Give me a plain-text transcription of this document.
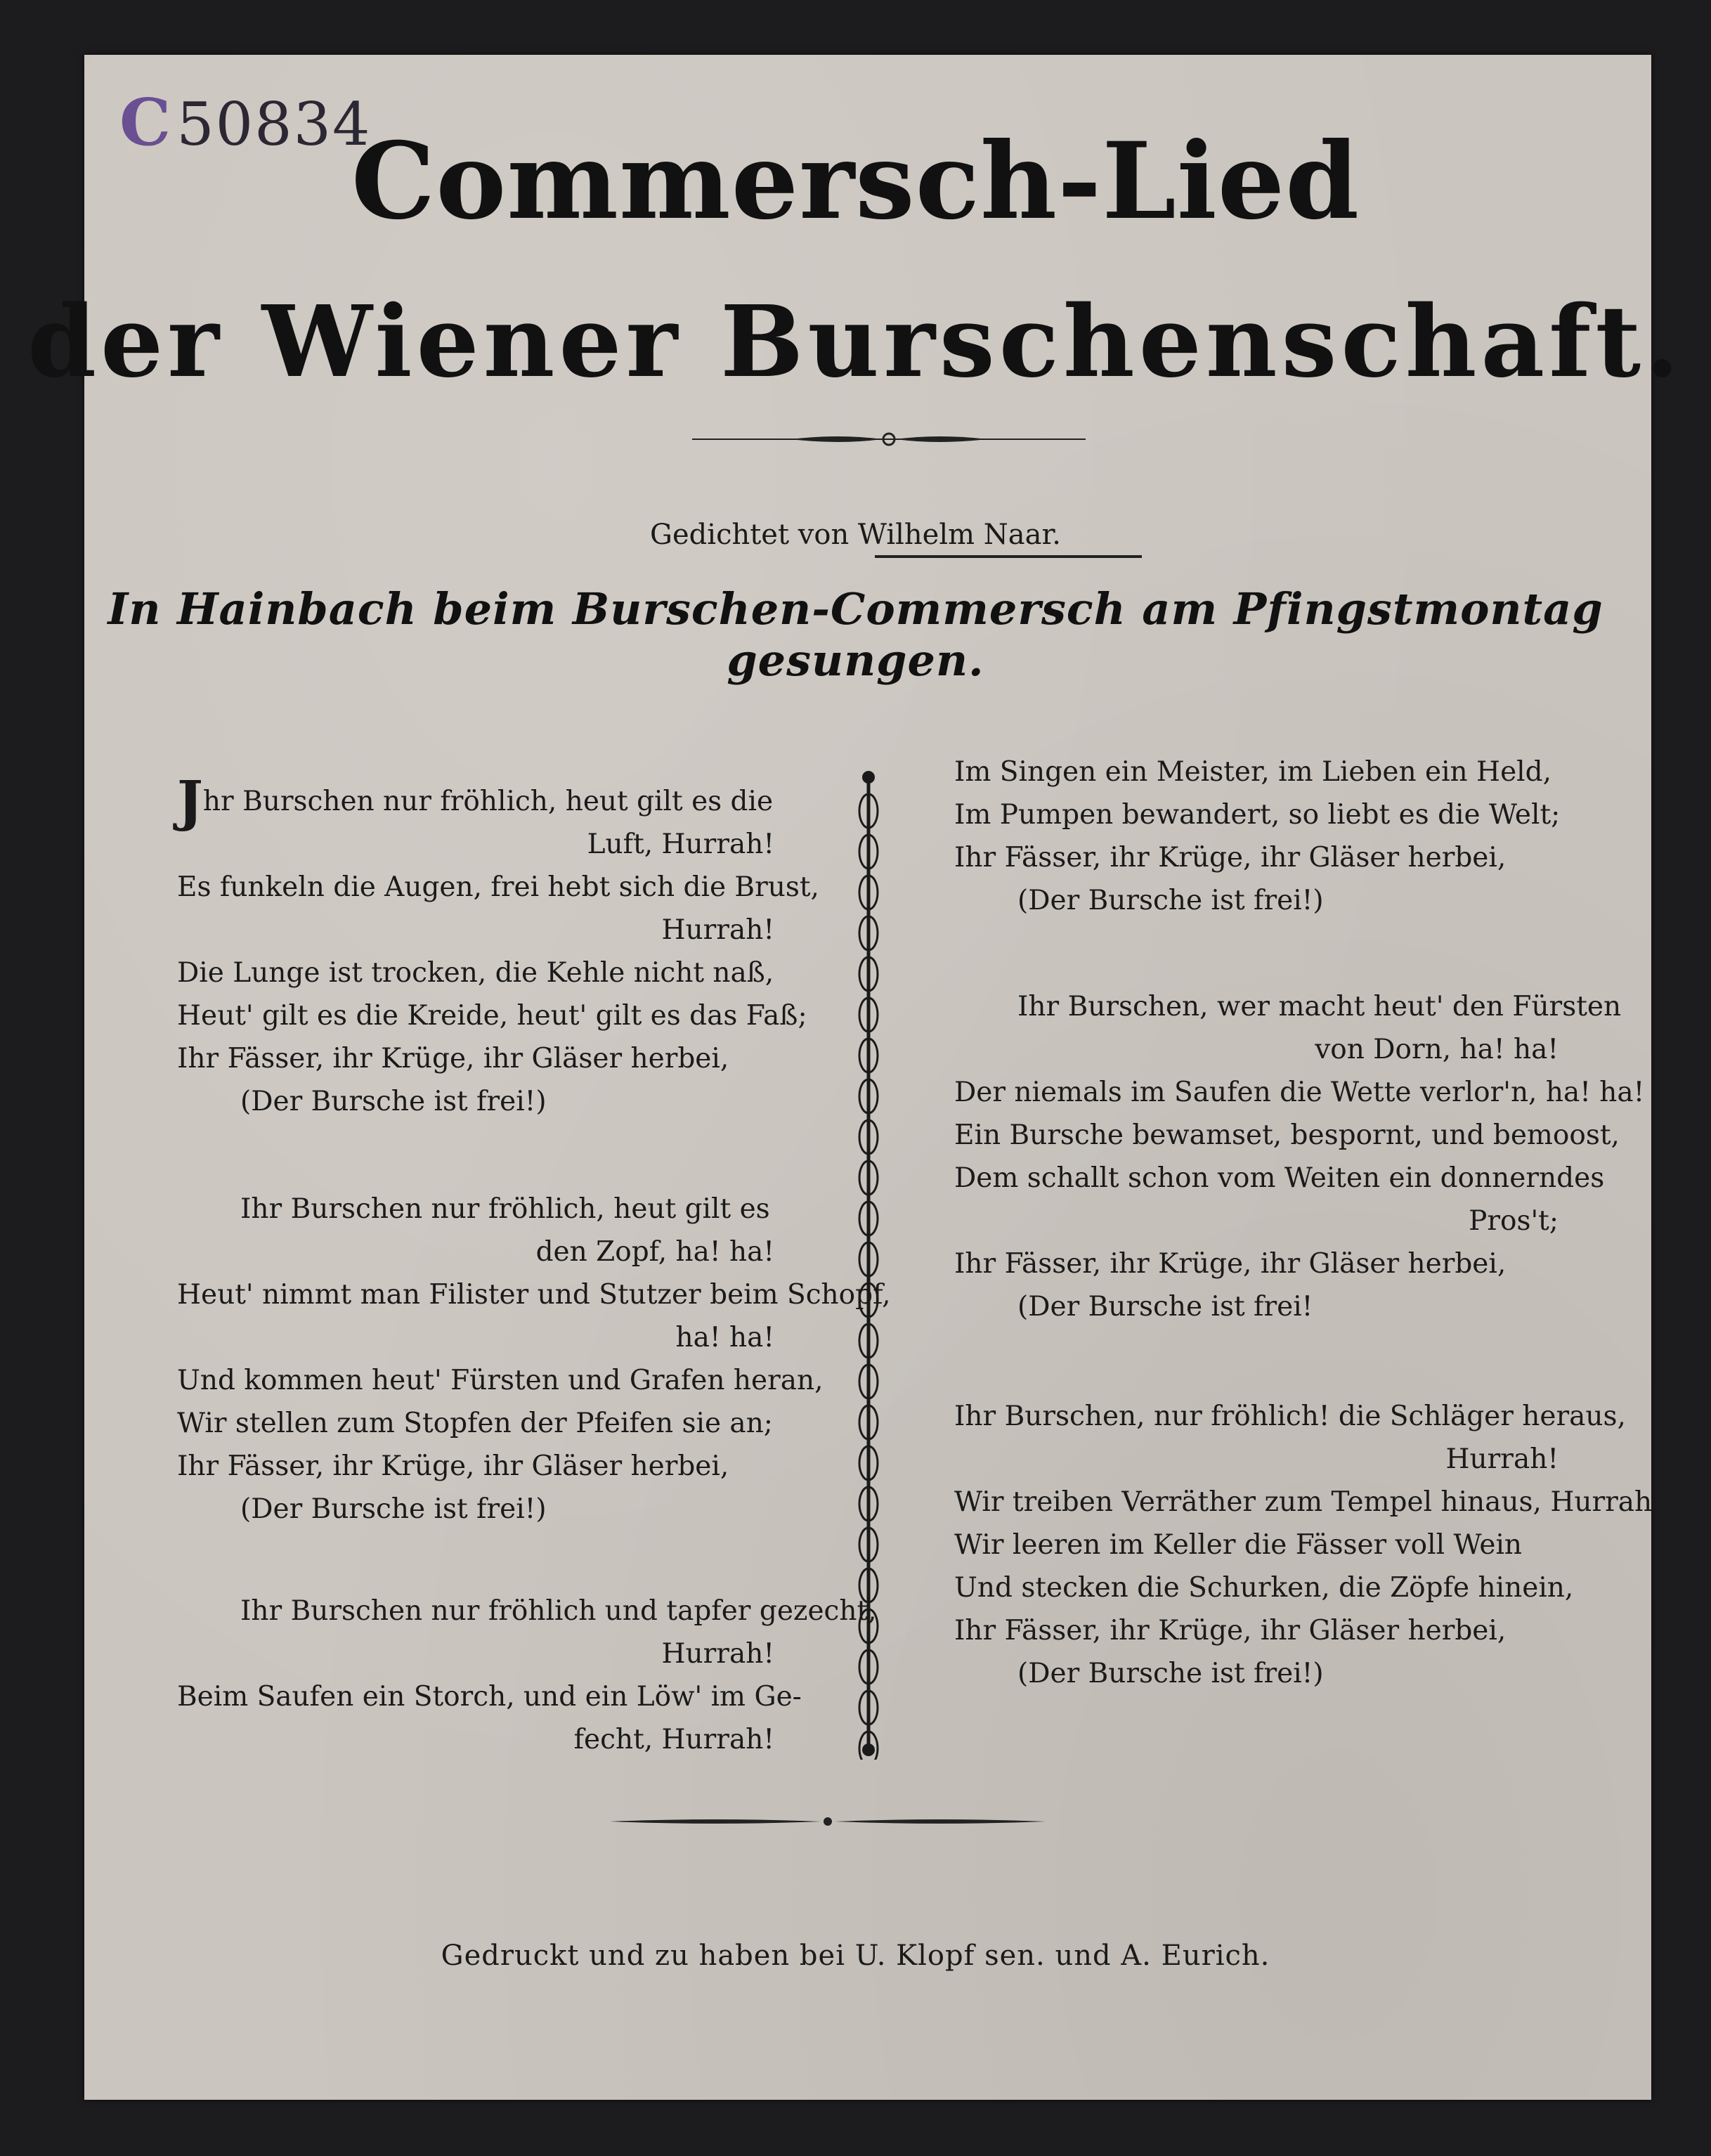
C50834
Commersch-Lied
der Wiener Burschenschaft.
Gedichtet von Wilhelm Naar.
In Hainbach beim Burschen-Commersch am Pfingstmontag gesungen.
Jhr Burschen nur fröhlich, heut gilt es die
Luft, Hurrah!
Es funkeln die Augen, frei hebt sich die Brust,
Hurrah!
Die Lunge ist trocken, die Kehle nicht naß,
Heut' gilt es die Kreide, heut' gilt es das Faß;
Ihr Fässer, ihr Krüge, ihr Gläser herbei,
(Der Bursche ist frei!)
Ihr Burschen nur fröhlich, heut gilt es
den Zopf, ha! ha!
Heut' nimmt man Filister und Stutzer beim Schopf,
ha! ha!
Und kommen heut' Fürsten und Grafen heran,
Wir stellen zum Stopfen der Pfeifen sie an;
Ihr Fässer, ihr Krüge, ihr Gläser herbei,
(Der Bursche ist frei!)
Ihr Burschen nur fröhlich und tapfer gezecht,
Hurrah!
Beim Saufen ein Storch, und ein Löw' im Ge-
fecht, Hurrah!
Im Singen ein Meister, im Lieben ein Held,
Im Pumpen bewandert, so liebt es die Welt;
Ihr Fässer, ihr Krüge, ihr Gläser herbei,
(Der Bursche ist frei!)
Ihr Burschen, wer macht heut' den Fürsten
von Dorn, ha! ha!
Der niemals im Saufen die Wette verlor'n, ha! ha!
Ein Bursche bewamset, bespornt, und bemoost,
Dem schallt schon vom Weiten ein donnerndes
Pros't;
Ihr Fässer, ihr Krüge, ihr Gläser herbei,
(Der Bursche ist frei!
Ihr Burschen, nur fröhlich! die Schläger heraus,
Hurrah!
Wir treiben Verräther zum Tempel hinaus, Hurrah!
Wir leeren im Keller die Fässer voll Wein
Und stecken die Schurken, die Zöpfe hinein,
Ihr Fässer, ihr Krüge, ihr Gläser herbei,
(Der Bursche ist frei!)
Gedruckt und zu haben bei U. Klopf sen. und A. Eurich.
